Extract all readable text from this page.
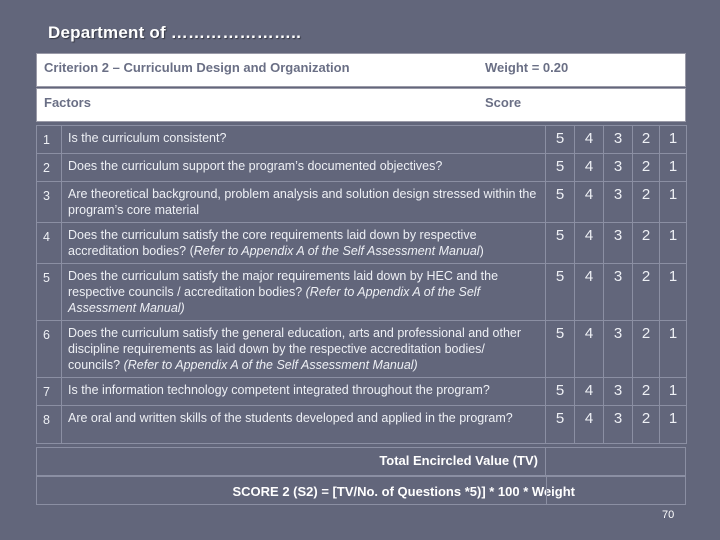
Department of …………………..
Criterion 2 – Curriculum Design and Organization	Weight = 0.20
Factors	Score
1	Is the curriculum consistent?	5	4	3	2	1
2	Does the curriculum support the program’s documented objectives?	5	4	3	2	1
3	Are theoretical background, problem analysis and solution design stressed within the program’s core material	5	4	3	2	1
4	Does the curriculum satisfy the core requirements laid down by respective accreditation bodies? (Refer to Appendix A of the Self Assessment Manual)	5	4	3	2	1
5	Does the curriculum satisfy the major requirements laid down by HEC and the respective councils / accreditation bodies? (Refer to Appendix A of the Self Assessment Manual)	5	4	3	2	1
6	Does the curriculum satisfy the general education, arts and professional and other discipline requirements as laid down by the respective accreditation bodies/ councils? (Refer to Appendix A of the Self Assessment Manual)	5	4	3	2	1
7	Is the information technology competent integrated throughout the program?	5	4	3	2	1
8	Are oral and written skills of the students developed and applied in the program?	5	4	3	2	1
Total Encircled Value (TV)
SCORE 2 (S2) = [TV/No. of Questions *5)] * 100 * Weight
70
